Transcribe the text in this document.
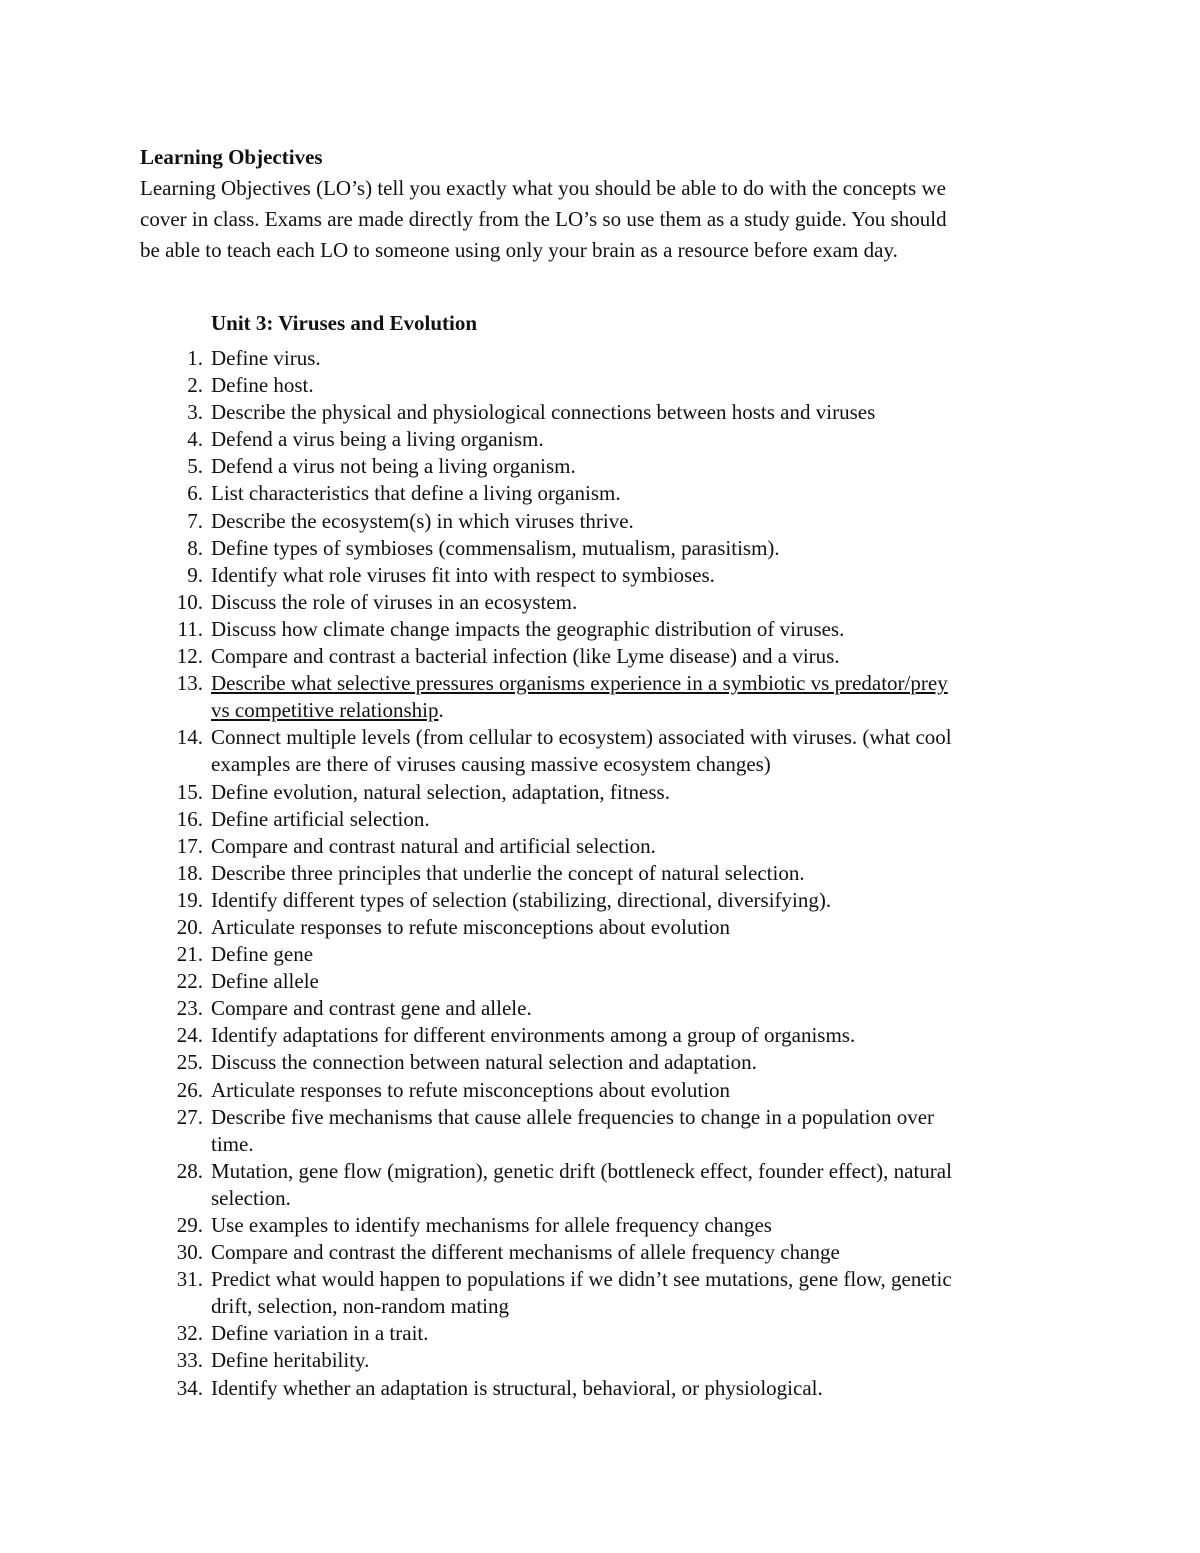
Learning Objectives

Learning Objectives (LO’s) tell you exactly what you should be able to do with the concepts we
cover in class. Exams are made directly from the LO’s so use them as a study guide. You should
be able to teach each LO to someone using only your brain as a resource before exam day.

Unit 3: Viruses and Evolution
1. Define virus.
2. Define host.
3. Describe the physical and physiological connections between hosts and viruses
4. Defend a virus being a living organism.
5. Defend a virus not being a living organism.
6. List characteristics that define a living organism.
7. Describe the ecosystem(s) in which viruses thrive.
8. Define types of symbioses (commensalism, mutualism, parasitism).
9. Identify what role viruses fit into with respect to symbioses.
10. Discuss the role of viruses in an ecosystem.
11. Discuss how climate change impacts the geographic distribution of viruses.
12. Compare and contrast a bacterial infection (like Lyme disease) and a virus.
13. Describe what selective pressures organisms experience in a symbiotic vs predator/prey
vs competitive relationship.
14. Connect multiple levels (from cellular to ecosystem) associated with viruses. (what cool
examples are there of viruses causing massive ecosystem changes)
15. Define evolution, natural selection, adaptation, fitness.
16. Define artificial selection.
17. Compare and contrast natural and artificial selection.
18. Describe three principles that underlie the concept of natural selection.
19. Identify different types of selection (stabilizing, directional, diversifying).
20. Articulate responses to refute misconceptions about evolution
21. Define gene
22. Define allele
23. Compare and contrast gene and allele.
24. Identify adaptations for different environments among a group of organisms.
25. Discuss the connection between natural selection and adaptation.
26. Articulate responses to refute misconceptions about evolution
27. Describe five mechanisms that cause allele frequencies to change in a population over
time.
28. Mutation, gene flow (migration), genetic drift (bottleneck effect, founder effect), natural
selection.
29. Use examples to identify mechanisms for allele frequency changes
30. Compare and contrast the different mechanisms of allele frequency change
31. Predict what would happen to populations if we didn’t see mutations, gene flow, genetic
drift, selection, non-random mating
32. Define variation in a trait.
33. Define heritability.
34. Identify whether an adaptation is structural, behavioral, or physiological.
